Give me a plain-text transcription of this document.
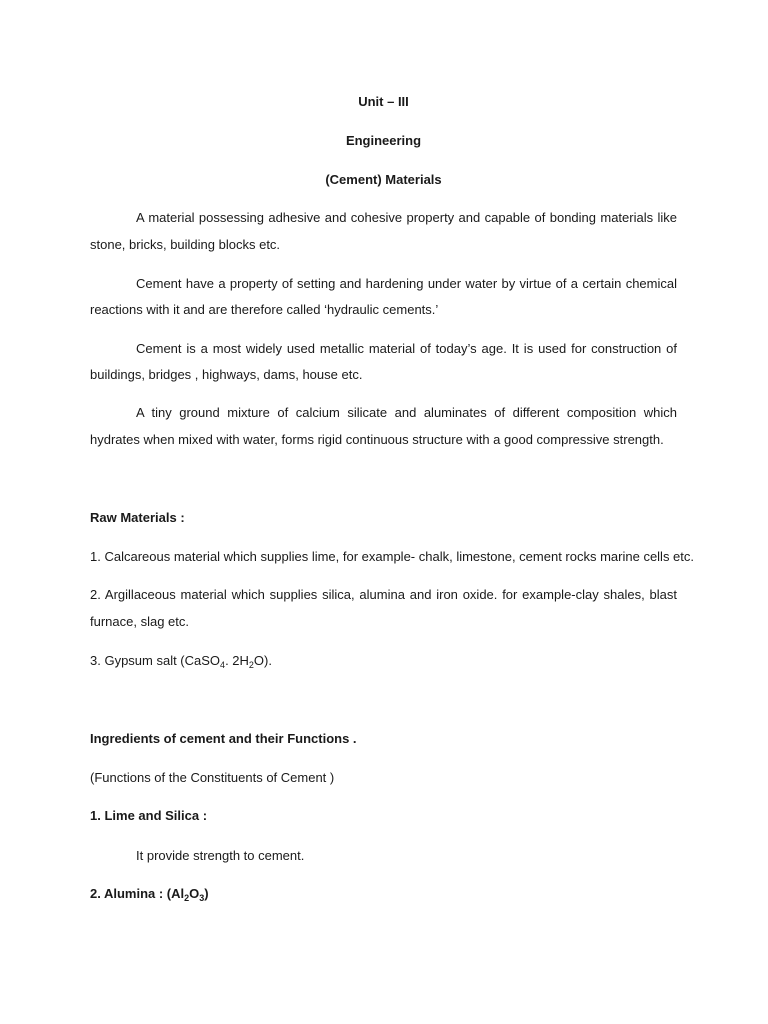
Unit – III
Engineering
(Cement) Materials
A material possessing adhesive and cohesive property and capable of bonding materials like
stone, bricks, building blocks etc.
Cement have a property of setting and hardening under water by virtue of a certain chemical
reactions with it and are therefore called ‘hydraulic cements.’
Cement is a most widely used metallic material of today’s age. It is used for construction of
buildings, bridges , highways, dams, house etc.
A tiny ground mixture of calcium silicate and aluminates of different composition which
hydrates when mixed with water, forms rigid continuous structure with a good compressive strength.
Raw Materials :
1. Calcareous material which supplies lime, for example- chalk, limestone, cement rocks marine cells etc.
2. Argillaceous material which supplies silica, alumina and iron oxide. for example-clay shales, blast
furnace, slag etc.
3. Gypsum salt (CaSO$_4$. $2H_2O$).
Ingredients of cement and their Functions .
(Functions of the Constituents of Cement )
1. Lime and Silica :
It provide strength to cement.
2. Alumina : $(Al_2O_3)$
